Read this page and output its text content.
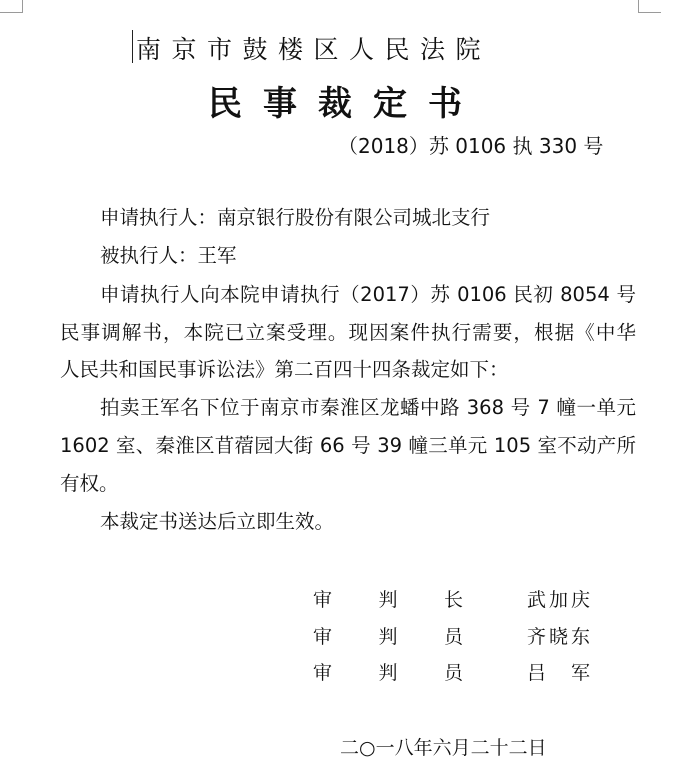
南京市鼓楼区人民法院
民事裁定书
（2018）苏 0106 执 330 号
申请执行人：南京银行股份有限公司城北支行
被执行人：王军
申请执行人向本院申请执行（2017）苏 0106 民初 8054 号
民事调解书，本院已立案受理。现因案件执行需要，根据《中华
人民共和国民事诉讼法》第二百四十四条裁定如下：
拍卖王军名下位于南京市秦淮区龙蟠中路 368 号 7 幢一单元
1602 室、秦淮区苜蓿园大街 66 号 39 幢三单元 105 室不动产所
有权。
本裁定书送达后立即生效。
审 判 长	武加庆
审 判 员	齐晓东
审 判 员	吕 军
二○一八年六月二十二日
